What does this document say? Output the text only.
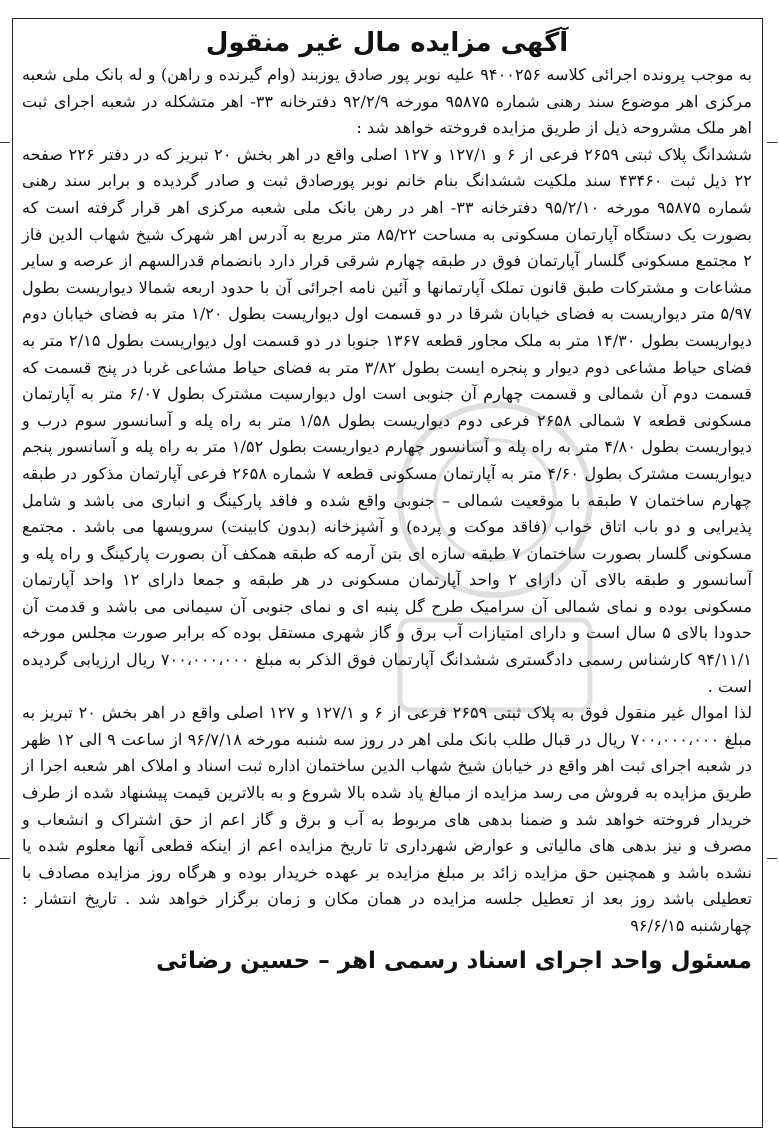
آگهی مزایده مال غیر منقول

به موجب پرونده اجرائی کلاسه ۹۴۰۰۲۵۶ علیه نوبر پور صادق یوزبند (وام گیرنده و راهن) و له بانک ملی شعبه مرکزی اهر موضوع سند رهنی شماره ۹۵۸۷۵ مورخه ۹۲/۲/۹ دفترخانه ۳۳- اهر متشکله در شعبه اجرای ثبت اهر ملک مشروحه ذیل از طریق مزایده فروخته خواهد شد :

ششدانگ پلاک ثبتی ۲۶۵۹ فرعی از ۶ و ۱۲۷/۱ و ۱۲۷ اصلی واقع در اهر بخش ۲۰ تبریز که در دفتر ۲۲۶ صفحه ۲۲ ذیل ثبت ۴۳۴۶۰ سند ملکیت ششدانگ بنام خانم نوبر پورصادق ثبت و صادر گردیده و برابر سند رهنی شماره ۹۵۸۷۵ مورخه ۹۵/۲/۱۰ دفترخانه ۳۳- اهر در رهن بانک ملی شعبه مرکزی اهر قرار گرفته است که بصورت یک دستگاه آپارتمان مسکونی به مساحت ۸۵/۲۲ متر مربع به آدرس اهر شهرک شیخ شهاب الدین فاز ۲ مجتمع مسکونی گلسار آپارتمان فوق در طبقه چهارم شرقی قرار دارد بانضمام قدرالسهم از عرصه و سایر مشاعات و مشترکات طبق قانون تملک آپارتمانها و آئین نامه اجرائی آن با حدود اربعه شمالا دیواریست بطول ۵/۹۷ متر دیواریست به فضای خیابان شرقا در دو قسمت اول دیواریست بطول ۱/۲۰ متر به فضای خیابان دوم دیواریست بطول ۱۴/۳۰ متر به ملک مجاور قطعه ۱۳۶۷ جنوبا در دو قسمت اول دیواریست بطول ۲/۱۵ متر به فضای حیاط مشاعی دوم دیوار و پنجره ایست بطول ۳/۸۲ متر به فضای حیاط مشاعی غربا در پنج قسمت که قسمت دوم آن شمالی و قسمت چهارم آن جنوبی است اول دیوارسیت مشترک بطول ۶/۰۷ متر به آپارتمان مسکونی قطعه ۷ شمالی ۲۶۵۸ فرعی دوم دیواریست بطول ۱/۵۸ متر به راه پله و آسانسور سوم درب و دیواریست بطول ۴/۸۰ متر به راه پله و آسانسور چهارم دیواریست بطول ۱/۵۲ متر به راه پله و آسانسور پنجم دیواریست مشترک بطول ۴/۶۰ متر به آپارتمان مسکونی قطعه ۷ شماره ۲۶۵۸ فرعی آپارتمان مذکور در طبقه چهارم ساختمان ۷ طبقه با موقعیت شمالی – جنوبی واقع شده و فاقد پارکینگ و انباری می باشد و شامل پذیرایی و دو باب اتاق خواب (فاقد موکت و پرده) و آشپزخانه (بدون کابینت) سرویسها می باشد . مجتمع مسکونی گلسار بصورت ساختمان ۷ طبقه سازه ای بتن آرمه که طبقه همکف آن بصورت پارکینگ و راه پله و آسانسور و طبقه بالای آن دارای ۲ واحد آپارتمان مسکونی در هر طبقه و جمعا دارای ۱۲ واحد آپارتمان مسکونی بوده و نمای شمالی آن سرامیک طرح گل پنبه ای و نمای جنوبی آن سیمانی می باشد و قدمت آن حدودا بالای ۵ سال است و دارای امتیازات آب برق و گاز شهری مستقل بوده که برابر صورت مجلس مورخه ۹۴/۱۱/۱ کارشناس رسمی دادگستری ششدانگ آپارتمان فوق الذکر به مبلغ ۷۰۰،۰۰۰،۰۰۰ ریال ارزیابی گردیده است .

لذا اموال غیر منقول فوق به پلاک ثبتی ۲۶۵۹ فرعی از ۶ و ۱۲۷/۱ و ۱۲۷ اصلی واقع در اهر بخش ۲۰ تبریز به مبلغ ۷۰۰،۰۰۰،۰۰۰ ریال در قبال طلب بانک ملی اهر در روز سه شنبه مورخه ۹۶/۷/۱۸ از ساعت ۹ الی ۱۲ ظهر در شعبه اجرای ثبت اهر واقع در خیابان شیخ شهاب الدین ساختمان اداره ثبت اسناد و املاک اهر شعبه اجرا از طریق مزایده به فروش می رسد مزایده از مبالغ یاد شده بالا شروع و به بالاترین قیمت پیشنهاد شده از طرف خریدار فروخته خواهد شد و ضمنا بدهی های مربوط به آب و برق و گاز اعم از حق اشتراک و انشعاب و مصرف و نیز بدهی های مالیاتی و عوارض شهرداری تا تاریخ مزایده اعم از اینکه قطعی آنها معلوم شده یا نشده باشد و همچنین حق مزایده زائد بر مبلغ مزایده بر عهده خریدار بوده و هرگاه روز مزایده مصادف با تعطیلی باشد روز بعد از تعطیل جلسه مزایده در همان مکان و زمان برگزار خواهد شد . تاریخ انتشار : چهارشنبه ۹۶/۶/۱۵

مسئول واحد اجرای اسناد رسمی اهر – حسین رضائی
